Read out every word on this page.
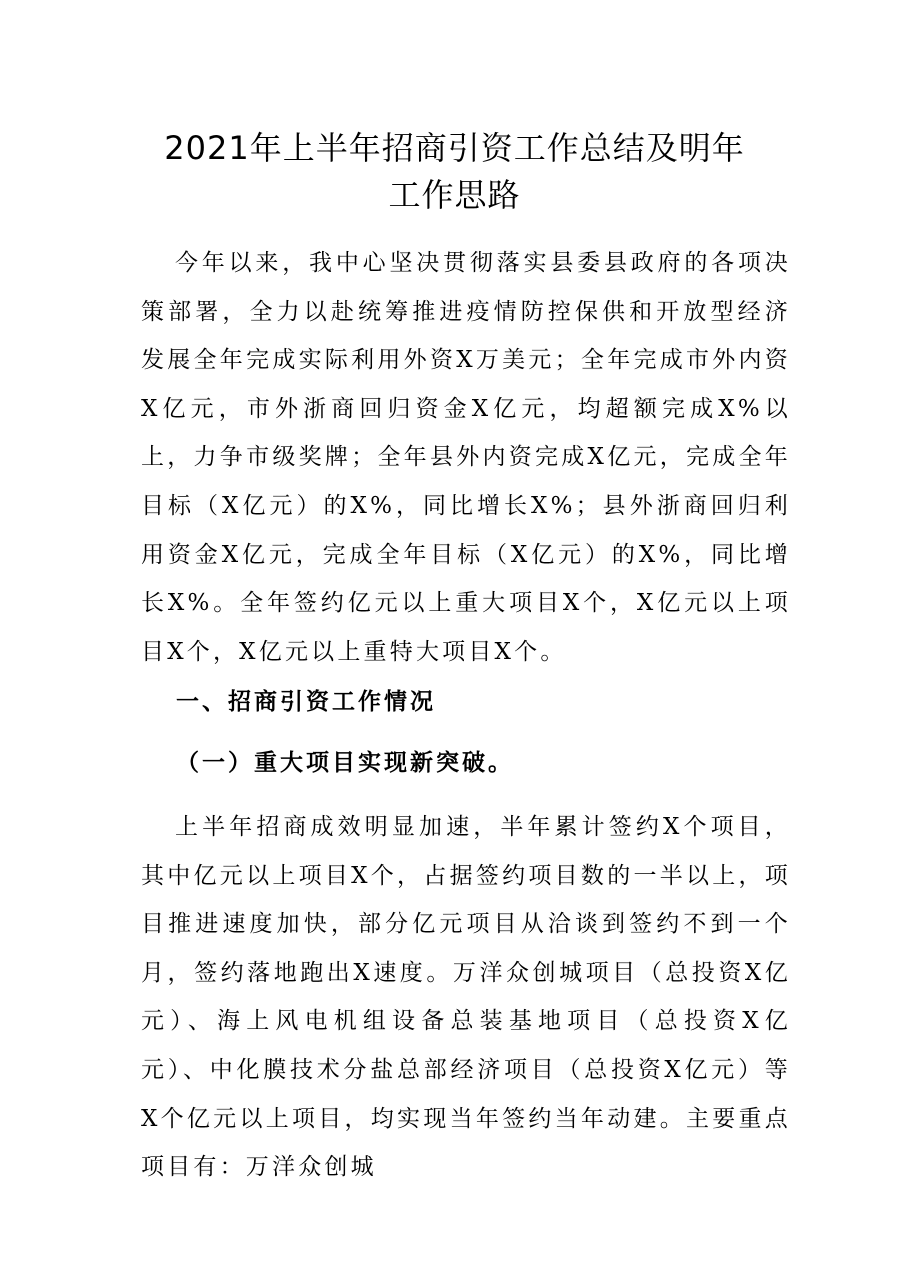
2021年上半年招商引资工作总结及明年
工作思路

今年以来，我中心坚决贯彻落实县委县政府的各项决策部署，全力以赴统筹推进疫情防控保供和开放型经济发展全年完成实际利用外资X万美元；全年完成市外内资X亿元，市外浙商回归资金X亿元，均超额完成X%以上，力争市级奖牌；全年县外内资完成X亿元，完成全年目标（X亿元）的X%，同比增长X%；县外浙商回归利用资金X亿元，完成全年目标（X亿元）的X%，同比增长X%。全年签约亿元以上重大项目X个，X亿元以上项目X个，X亿元以上重特大项目X个。

一、招商引资工作情况
（一）重大项目实现新突破。

上半年招商成效明显加速，半年累计签约X个项目，其中亿元以上项目X个，占据签约项目数的一半以上，项目推进速度加快，部分亿元项目从洽谈到签约不到一个月，签约落地跑出X速度。万洋众创城项目（总投资X亿元）、海上风电机组设备总装基地项目（总投资X亿元）、中化膜技术分盐总部经济项目（总投资X亿元）等X个亿元以上项目，均实现当年签约当年动建。主要重点项目有：万洋众创城
